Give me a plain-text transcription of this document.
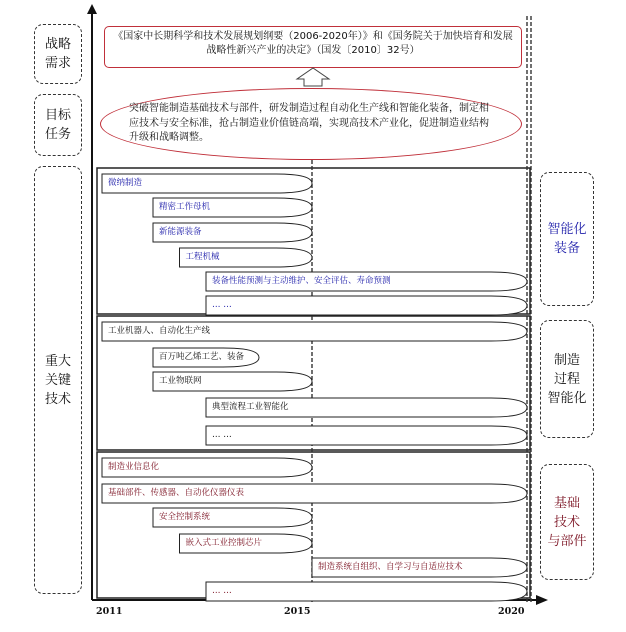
战略
需求
目标
任务
重大
关键
技术
智能化
装备
制造
过程
智能化
基础
技术
与部件
《国家中长期科学和技术发展规划纲要（2006-2020年）》和《国务院关于加快培育和发展战略性新兴产业的决定》（国发〔2010〕32号）
突破智能制造基础技术与部件，研发制造过程自动化生产线和智能化装备，制定相应技术与安全标准，抢占制造业价值链高端，实现高技术产业化，促进制造业结构升级和战略调整。
微纳制造
精密工作母机
新能源装备
工程机械
装备性能预测与主动维护、安全评估、寿命预测
… …
工业机器人、自动化生产线
百万吨乙烯工艺、装备
工业物联网
典型流程工业智能化
… …
制造业信息化
基础部件、传感器、自动化仪器仪表
安全控制系统
嵌入式工业控制芯片
制造系统自组织、自学习与自适应技术
… …
2011	2015	2020
